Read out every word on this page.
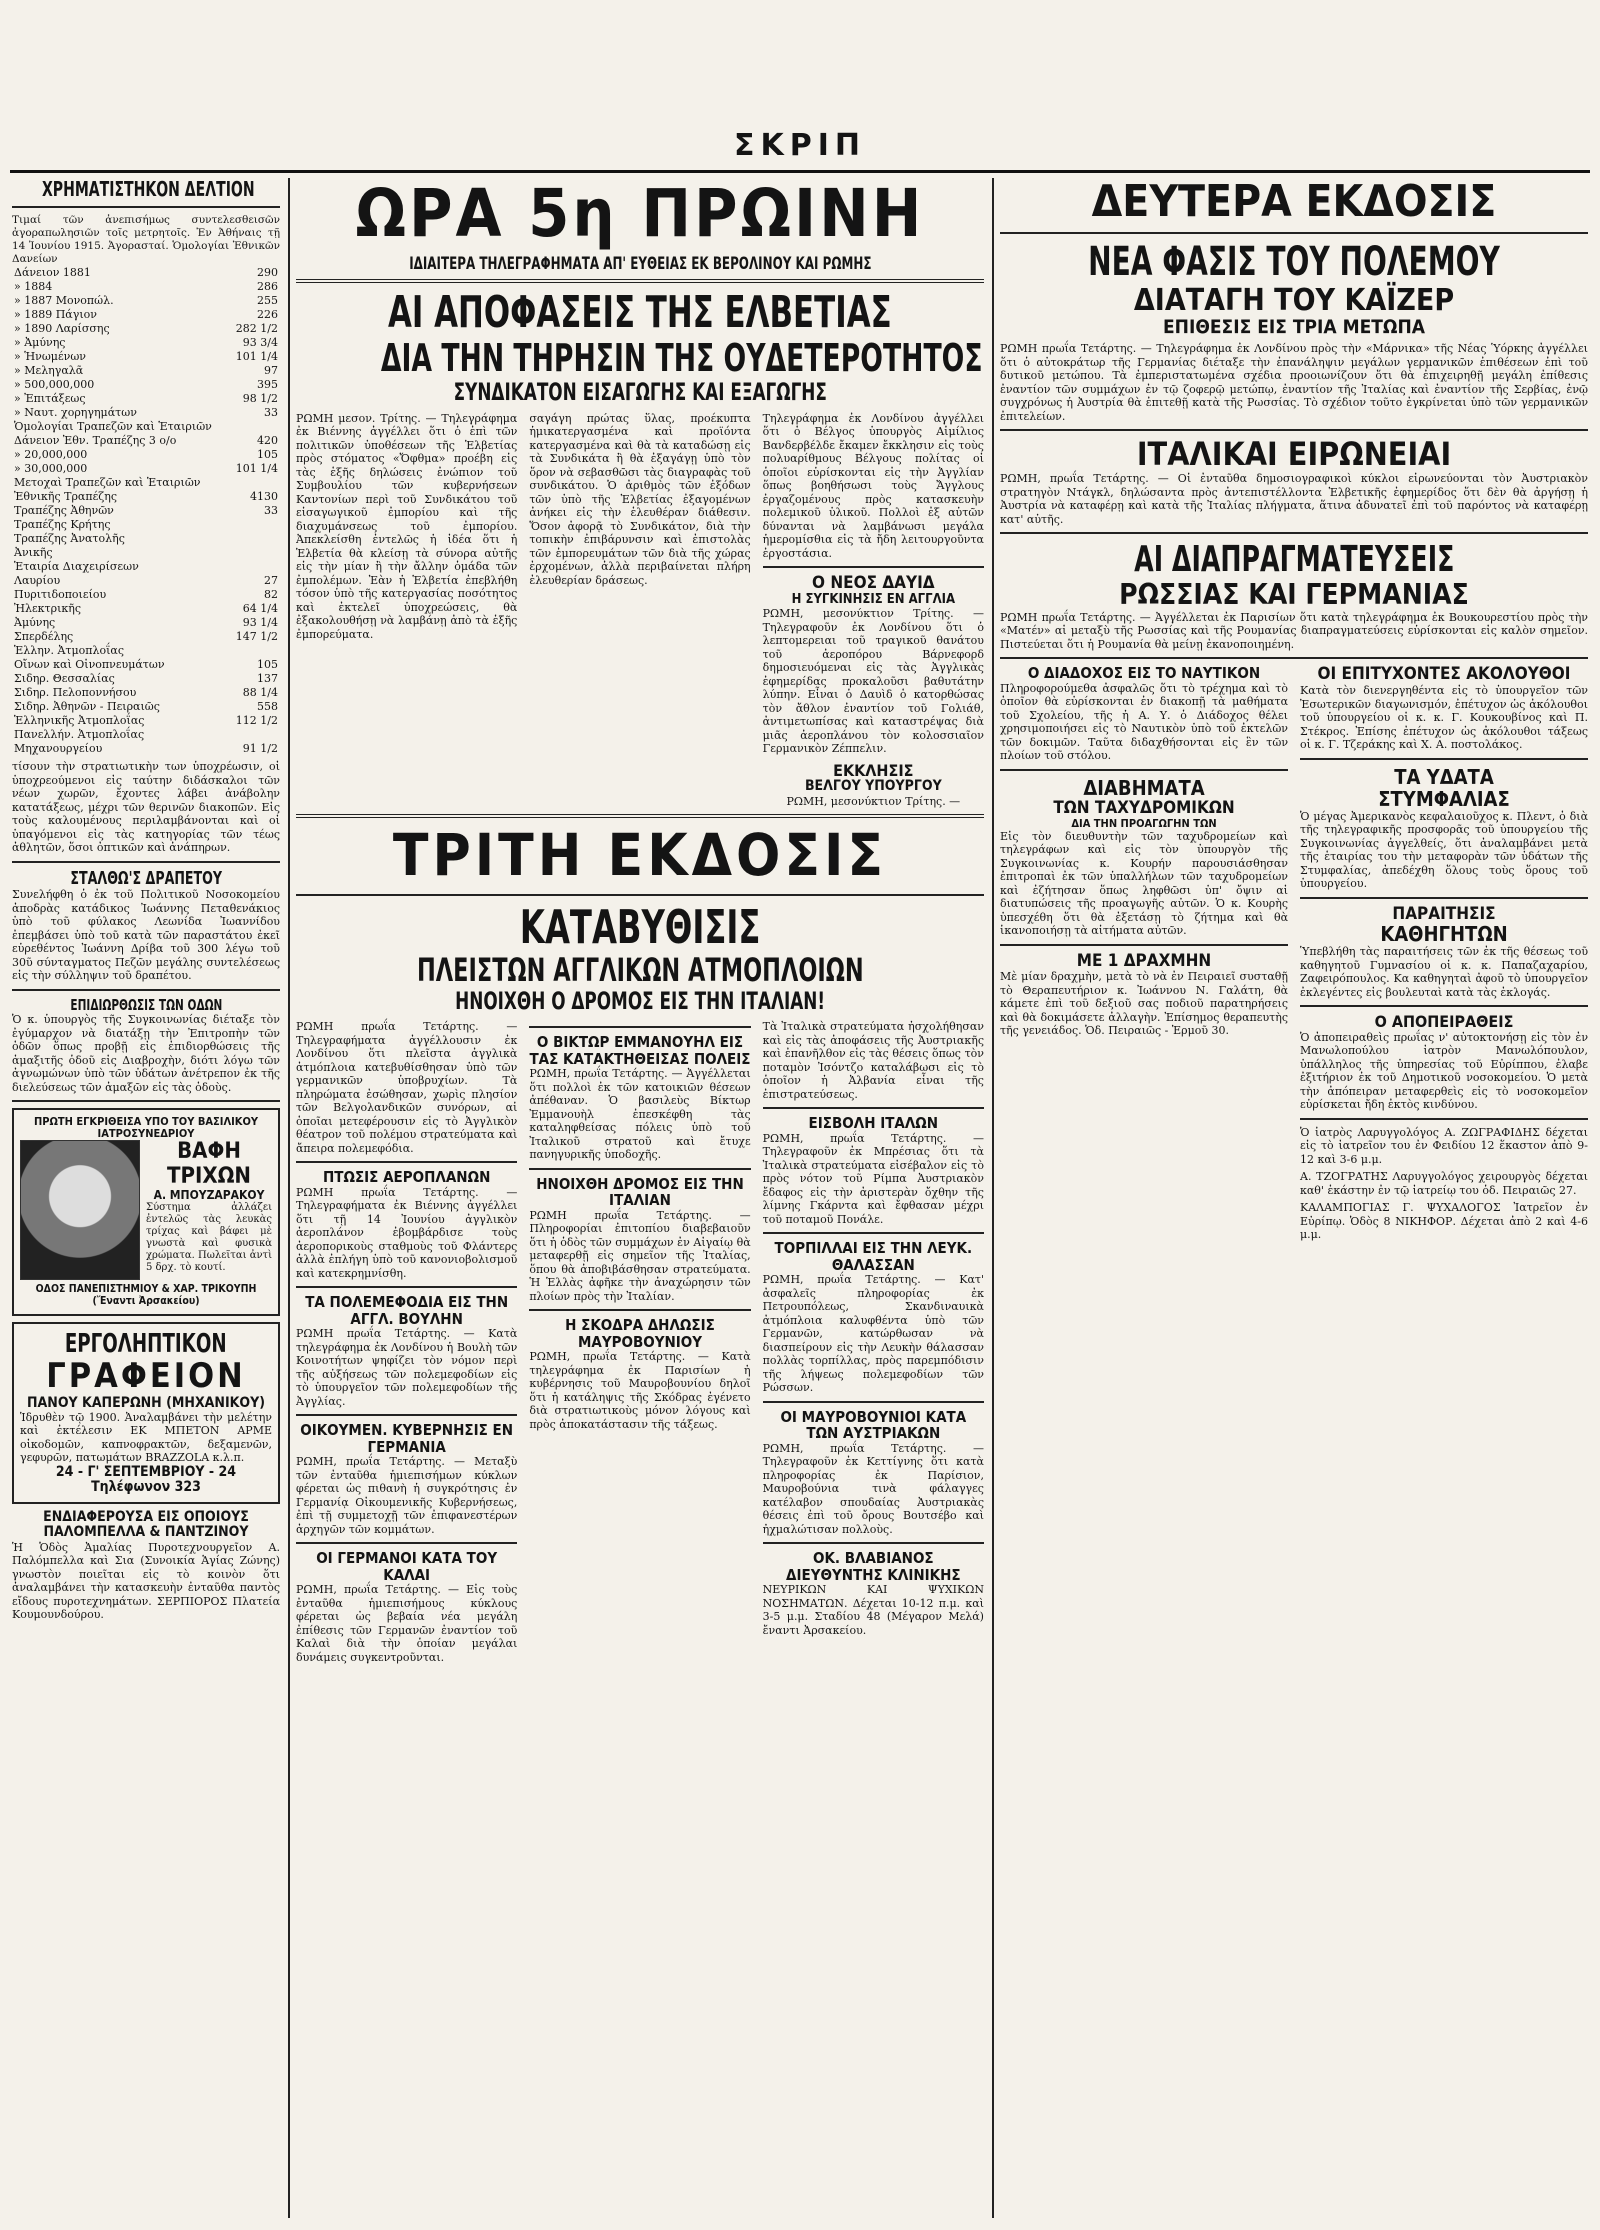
ΣΚΡΙΠ
ΧΡΗΜΑΤΙΣΤΗΚΟΝ ΔΕΛΤΙΟΝ

Τιμαί τῶν ἀνεπισήμως συντελεσθεισῶν ἀγοραπωλησιῶν τοῖς μετρητοῖς. Ἐν Ἀθήναις τῇ 14 Ἰουνίου 1915. Ἀγορασταί. Ὁμολογίαι Ἐθνικῶν Δανείων

Δάνειον 1881	290
» 1884	286
» 1887 Μονοπώλ.	255
» 1889 Πάγιον	226
» 1890 Λαρίσσης	282 1/2
» Ἀμύνης	93 3/4
» Ἡνωμένων	101 1/4
» Μεληγαλᾶ	97
» 500,000,000	395
» Ἐπιτάξεως	98 1/2
» Ναυτ. χορηγημάτων	33
Ὁμολογίαι Τραπεζῶν καὶ Ἑταιριῶν	
Δάνειον Ἐθν. Τραπέζης 3 ο/ο	420
» 20,000,000	105
» 30,000,000	101 1/4
Μετοχαὶ Τραπεζῶν καὶ Ἑταιριῶν	
Ἐθνικῆς Τραπέζης	4130
Τραπέζης Ἀθηνῶν	33
Τραπέζης Κρήτης	
Τραπέζης Ἀνατολῆς	
Ἀνικῆς	
Ἑταιρία Διαχειρίσεων	
Λαυρίου	27
Πυριτιδοποιείου	82
Ἠλεκτρικῆς	64 1/4
Ἀμύνης	93 1/4
Σπερδέλης	147 1/2
Ἑλλην. Ἀτμοπλοΐας	
Οἴνων καὶ Οἰνοπνευμάτων	105
Σιδηρ. Θεσσαλίας	137
Σιδηρ. Πελοποννήσου	88 1/4
Σιδηρ. Ἀθηνῶν - Πειραιῶς	558
Ἑλληνικῆς Ἀτμοπλοΐας	112 1/2
Πανελλήν. Ἀτμοπλοΐας	
Μηχανουργείου	91 1/2

τίσουν τὴν στρατιωτικὴν των ὑποχρέωσιν, οἱ ὑποχρεούμενοι εἰς ταύτην διδάσκαλοι τῶν νέων χωρῶν, ἔχοντες λάβει ἀνάβολην κατατάξεως, μέχρι τῶν θερινῶν διακοπῶν. Εἰς τοὺς καλουμένους περιλαμβάνονται καὶ οἱ ὑπαγόμενοι εἰς τὰς κατηγορίας τῶν τέως ἀθλητῶν, ὅσοι ὀπτικῶν καὶ ἀνάπηρων.

ΣΤΑΛΘΩ'Σ ΔΡΑΠΕΤΟΥ

Συνελήφθη ὁ ἐκ τοῦ Πολιτικοῦ Νοσοκομείου ἀποδρὰς κατάδικος Ἰωάννης Πεταθενάκιος ὑπὸ τοῦ φύλακος Λεωνίδα Ἰωαννίδου ἐπεμβάσει ὑπὸ τοῦ κατὰ τῶν παραστάτου ἐκεῖ εὑρεθέντος Ἰωάννη Δρίβα τοῦ 300 λέγω τοῦ 30ῦ σύνταγματος Πεζῶν μεγάλης συντελέσεως εἰς τὴν σύλληψιν τοῦ δραπέτου.

ΕΠΙΔΙΩΡΘΩΣΙΣ ΤΩΝ ΟΔΩΝ

Ὁ κ. ὑπουργὸς τῆς Συγκοινωνίας διέταξε τὸν ἐγύμαρχον νὰ διατάξῃ τὴν Ἐπιτροπὴν τῶν ὁδῶν ὅπως προβῇ εἰς ἐπιδιορθώσεις τῆς ἁμαξιτῆς ὁδοῦ εἰς Διαβροχὴν, διότι λόγω τῶν ἀγνωμώνων ὑπὸ τῶν ὑδάτων ἀνέτρεπον ἐκ τῆς διελεύσεως τῶν ἀμαξῶν εἰς τὰς ὁδοὺς.

ΠΡΩΤΗ ΕΓΚΡΙΘΕΙΣΑ ΥΠΟ ΤΟΥ ΒΑΣΙΛΙΚΟΥ ΙΑΤΡΟΣΥΝΕΔΡΙΟΥ
ΒΑΦΗ ΤΡΙΧΩΝ
Α. ΜΠΟΥΖΑΡΑΚΟΥ

Σύστημα ἀλλάζει ἐντελῶς τὰς λευκὰς τρίχας καὶ βάφει μὲ γνωστὰ καὶ φυσικὰ χρώματα. Πωλεῖται ἀντὶ 5 δρχ. τὸ κουτί.

ΟΔΟΣ ΠΑΝΕΠΙΣΤΗΜΙΟΥ & ΧΑΡ. ΤΡΙΚΟΥΠΗ (Ἔναντι Ἀρσακείου)
ΕΡΓΟΛΗΠΤΙΚΟΝ
ΓΡΑΦΕΙΟΝ
ΠΑΝΟΥ ΚΑΠΕΡΩΝΗ (ΜΗΧΑΝΙΚΟΥ)

Ἱδρυθὲν τῷ 1900. Ἀναλαμβάνει τὴν μελέτην καὶ ἐκτέλεσιν ΕΚ ΜΠΕΤΟΝ ΑΡΜΕ οἰκοδομῶν, καπνοφρακτῶν, δεξαμενῶν, γεφυρῶν, πατωμάτων BRAZZOLA κ.λ.π.

24 - Γ' ΣΕΠΤΕΜΒΡΙΟΥ - 24
Τηλέφωνον 323
ΕΝΔΙΑΦΕΡΟΥΣΑ ΕΙΣ ΟΠΟΙΟΥΣ ΠΑΛΟΜΠΕΛΛΑ & ΠΑΝΤΖΙΝΟΥ

Ἡ Ὁδὸς Ἀμαλίας Πυροτεχνουργεῖον Α. Παλόμπελλα καὶ Σια (Συνοικία Ἁγίας Ζώνης) γνωστὸν ποιεῖται εἰς τὸ κοινὸν ὅτι ἀναλαμβάνει τὴν κατασκευὴν ἐνταῦθα παντὸς εἴδους πυροτεχνημάτων. ΣΕΡΠΙΟΡΟΣ Πλατεία Κουμουνδούρου.

ΩΡΑ 5η ΠΡΩΙΝΗ
ΙΔΙΑΙΤΕΡΑ ΤΗΛΕΓΡΑΦΗΜΑΤΑ ΑΠ' ΕΥΘΕΙΑΣ ΕΚ ΒΕΡΟΛΙΝΟΥ ΚΑΙ ΡΩΜΗΣ
ΑΙ ΑΠΟΦΑΣΕΙΣ ΤΗΣ ΕΛΒΕΤΙΑΣ
ΔΙΑ ΤΗΝ ΤΗΡΗΣΙΝ ΤΗΣ ΟΥΔΕΤΕΡΟΤΗΤΟΣ
ΣΥΝΔΙΚΑΤΟΝ ΕΙΣΑΓΩΓΗΣ ΚΑΙ ΕΞΑΓΩΓΗΣ

ΡΩΜΗ μεσον. Τρίτης. — Τηλεγράφημα ἐκ Βιέννης ἀγγέλλει ὅτι ὁ ἐπὶ τῶν πολιτικῶν ὑποθέσεων τῆς Ἑλβετίας πρὸς στόματος «Ὄφθμα» προέβη εἰς τὰς ἑξῆς δηλώσεις ἐνώπιον τοῦ Συμβουλίου τῶν κυβερνήσεων Καντονίων περὶ τοῦ Συνδικάτου τοῦ εἰσαγωγικοῦ ἐμπορίου καὶ τῆς διαχυμάνσεως τοῦ ἐμπορίου. Ἀπεκλείσθη ἐντελῶς ἡ ἰδέα ὅτι ἡ Ἑλβετία θὰ κλείσῃ τὰ σύνορα αὐτῆς εἰς τὴν μίαν ἢ τὴν ἄλλην ὁμάδα τῶν ἐμπολέμων. Ἐὰν ἡ Ἑλβετία ἐπεβλήθη τόσον ὑπὸ τῆς κατεργασίας ποσότητος καὶ ἐκτελεῖ ὑποχρεώσεις, θὰ ἐξακολουθήσῃ νὰ λαμβάνῃ ἀπὸ τὰ ἑξῆς ἐμπορεύματα.

σαγάγη πρώτας ὕλας, προέκυπτα ἡμικατεργασμένα καὶ προϊόντα κατεργασμένα καὶ θὰ τὰ καταδώσῃ εἰς τὰ Συνδικάτα ἢ θὰ ἐξαγάγῃ ὑπὸ τὸν ὅρον νὰ σεβασθῶσι τὰς διαγραφὰς τοῦ συνδικάτου. Ὁ ἀριθμὸς τῶν ἐξόδων τῶν ὑπὸ τῆς Ἑλβετίας ἐξαγομένων ἀνήκει εἰς τὴν ἑλευθέραν διάθεσιν. Ὅσον ἀφορᾷ τὸ Συνδικάτον, διὰ τὴν τοπικὴν ἐπιβάρυνσιν καὶ ἐπιστολὰς τῶν ἐμπορευμάτων τῶν διὰ τῆς χώρας ἐρχομένων, ἀλλὰ περιβαίνεται πλήρη ἐλευθερίαν δράσεως.

Τηλεγράφημα ἐκ Λονδίνου ἀγγέλλει ὅτι ὁ Βέλγος ὑπουργὸς Αἰμίλιος Βανδερβέλδε ἔκαμεν ἔκκλησιν εἰς τοὺς πολυαρίθμους Βέλγους πολίτας οἱ ὁποῖοι εὑρίσκονται εἰς τὴν Ἀγγλίαν ὅπως βοηθήσωσι τοὺς Ἄγγλους ἐργαζομένους πρὸς κατασκευὴν πολεμικοῦ ὑλικοῦ. Πολλοὶ ἐξ αὐτῶν δύνανται νὰ λαμβάνωσι μεγάλα ἡμερομίσθια εἰς τὰ ἤδη λειτουργοῦντα ἐργοστάσια.

Ο ΝΕΟΣ ΔΑΥΙΔ
Η ΣΥΓΚΙΝΗΣΙΣ ΕΝ ΑΓΓΛΙΑ

ΡΩΜΗ, μεσονύκτιον Τρίτης. — Τηλεγραφοῦν ἐκ Λονδίνου ὅτι ὁ λεπτομερειαι τοῦ τραγικοῦ θανάτου τοῦ ἀεροπόρου Βάρνεφορδ δημοσιευόμεναι εἰς τὰς Ἀγγλικὰς ἐφημερίδας προκαλοῦσι βαθυτάτην λύπην. Εἶναι ὁ Δαυὶδ ὁ κατορθώσας τὸν ἄθλον ἐναντίον τοῦ Γολιάθ, ἀντιμετωπίσας καὶ καταστρέψας διὰ μιᾶς ἀεροπλάνου τὸν κολοσσιαῖον Γερμανικὸν Ζέππελιν.

ΕΚΚΛΗΣΙΣ
ΒΕΛΓΟΥ ΥΠΟΥΡΓΟΥ

ΡΩΜΗ, μεσονύκτιον Τρίτης. —

ΤΡΙΤΗ ΕΚΔΟΣΙΣ
ΚΑΤΑΒΥΘΙΣΙΣ
ΠΛΕΙΣΤΩΝ ΑΓΓΛΙΚΩΝ ΑΤΜΟΠΛΟΙΩΝ
ΗΝΟΙΧΘΗ Ο ΔΡΟΜΟΣ ΕΙΣ ΤΗΝ ΙΤΑΛΙΑΝ!

ΡΩΜΗ πρωΐα Τετάρτης. — Τηλεγραφήματα ἀγγέλλουσιν ἐκ Λονδίνου ὅτι πλεῖστα ἀγγλικὰ ἀτμόπλοια κατεβυθίσθησαν ὑπὸ τῶν γερμανικῶν ὑποβρυχίων. Τὰ πληρώματα ἐσώθησαν, χωρὶς πλησίον τῶν Βελγολανδικῶν συνόρων, αἱ ὁποῖαι μετεφέρουσιν εἰς τὸ Ἀγγλικὸν θέατρον τοῦ πολέμου στρατεύματα καὶ ἄπειρα πολεμεφόδια.

ΠΤΩΣΙΣ ΑΕΡΟΠΛΑΝΩΝ

ΡΩΜΗ πρωΐα Τετάρτης. — Τηλεγραφήματα ἐκ Βιέννης ἀγγέλλει ὅτι τῇ 14 Ἰουνίου ἀγγλικὸν ἀεροπλάνον ἐβομβάρδισε τοὺς ἀεροπορικοὺς σταθμοὺς τοῦ Φλάντερς ἀλλὰ ἐπλήγη ὑπὸ τοῦ κανονιοβολισμοῦ καὶ κατεκρημνίσθη.

ΤΑ ΠΟΛΕΜΕΦΟΔΙΑ ΕΙΣ ΤΗΝ ΑΓΓΛ. ΒΟΥΛΗΝ

ΡΩΜΗ πρωΐα Τετάρτης. — Κατὰ τηλεγράφημα ἐκ Λονδίνου ἡ Βουλὴ τῶν Κοινοτήτων ψηφίζει τὸν νόμον περὶ τῆς αὐξήσεως τῶν πολεμεφοδίων εἰς τὸ ὑπουργεῖον τῶν πολεμεφοδίων τῆς Ἀγγλίας.

ΟΙΚΟΥΜΕΝ. ΚΥΒΕΡΝΗΣΙΣ ΕΝ ΓΕΡΜΑΝΙΑ

ΡΩΜΗ, πρωΐα Τετάρτης. — Μεταξὺ τῶν ἐνταῦθα ἡμιεπισήμων κύκλων φέρεται ὡς πιθανὴ ἡ συγκρότησις ἐν Γερμανίᾳ Οἰκουμενικῆς Κυβερνήσεως, ἐπὶ τῇ συμμετοχῇ τῶν ἐπιφανεστέρων ἀρχηγῶν τῶν κομμάτων.

ΟΙ ΓΕΡΜΑΝΟΙ ΚΑΤΑ ΤΟΥ ΚΑΛΑΙ

ΡΩΜΗ, πρωΐα Τετάρτης. — Εἰς τοὺς ἐνταῦθα ἡμιεπισήμους κύκλους φέρεται ὡς βεβαία νέα μεγάλη ἐπίθεσις τῶν Γερμανῶν ἐναντίον τοῦ Καλαὶ διὰ τὴν ὁποίαν μεγάλαι δυνάμεις συγκεντροῦνται.

Ο ΒΙΚΤΩΡ ΕΜΜΑΝΟΥΗΛ ΕΙΣ ΤΑΣ ΚΑΤΑΚΤΗΘΕΙΣΑΣ ΠΟΛΕΙΣ

ΡΩΜΗ, πρωΐα Τετάρτης. — Ἀγγέλλεται ὅτι πολλοὶ ἐκ τῶν κατοικιῶν θέσεων ἀπέθαναν. Ὁ βασιλεὺς Βίκτωρ Ἐμμανουὴλ ἐπεσκέφθη τὰς καταληφθείσας πόλεις ὑπὸ τοῦ Ἰταλικοῦ στρατοῦ καὶ ἔτυχε πανηγυρικῆς ὑποδοχῆς.

ΗΝΟΙΧΘΗ ΔΡΟΜΟΣ ΕΙΣ ΤΗΝ ΙΤΑΛΙΑΝ

ΡΩΜΗ πρωΐα Τετάρτης. — Πληροφορίαι ἐπιτοπίου διαβεβαιοῦν ὅτι ἡ ὁδὸς τῶν συμμάχων ἐν Αἰγαίῳ θὰ μεταφερθῇ εἰς σημεῖον τῆς Ἰταλίας, ὅπου θὰ ἀποβιβάσθησαν στρατεύματα. Ἡ Ἑλλὰς ἀφῆκε τὴν ἀναχώρησιν τῶν πλοίων πρὸς τὴν Ἰταλίαν.

Η ΣΚΟΔΡΑ ΔΗΛΩΣΙΣ ΜΑΥΡΟΒΟΥΝΙΟΥ

ΡΩΜΗ, πρωΐα Τετάρτης. — Κατὰ τηλεγράφημα ἐκ Παρισίων ἡ κυβέρνησις τοῦ Μαυροβουνίου δηλοῖ ὅτι ἡ κατάληψις τῆς Σκόδρας ἐγένετο διὰ στρατιωτικοὺς μόνον λόγους καὶ πρὸς ἀποκατάστασιν τῆς τάξεως.

Τὰ Ἰταλικὰ στρατεύματα ἠσχολήθησαν καὶ εἰς τὰς ἀποφάσεις τῆς Ἀυστριακῆς καὶ ἐπανῆλθον εἰς τὰς θέσεις ὅπως τὸν ποταμὸν Ἰσόντζο καταλάβωσι εἰς τὸ ὁποῖον ἡ Ἀλβανία εἶναι τῆς ἐπιστρατεύσεως.

ΕΙΣΒΟΛΗ ΙΤΑΛΩΝ

ΡΩΜΗ, πρωΐα Τετάρτης. — Τηλεγραφοῦν ἐκ Μπρέσιας ὅτι τὰ Ἰταλικὰ στρατεύματα εἰσέβαλον εἰς τὸ πρὸς νότον τοῦ Ρίμπα Ἀυστριακὸν ἔδαφος εἰς τὴν ἀριστερὰν ὄχθην τῆς λίμνης Γκάρντα καὶ ἔφθασαν μέχρι τοῦ ποταμοῦ Πονάλε.

ΤΟΡΠΙΛΛΑΙ ΕΙΣ ΤΗΝ ΛΕΥΚ. ΘΑΛΑΣΣΑΝ

ΡΩΜΗ, πρωΐα Τετάρτης. — Κατ' ἀσφαλεῖς πληροφορίας ἐκ Πετρουπόλεως, Σκανδιναυικὰ ἀτμόπλοια καλυφθέντα ὑπὸ τῶν Γερμανῶν, κατώρθωσαν νὰ διασπείρουν εἰς τὴν Λευκὴν θάλασσαν πολλὰς τορπίλλας, πρὸς παρεμπόδισιν τῆς λήψεως πολεμεφοδίων τῶν Ρώσσων.

ΟΙ ΜΑΥΡΟΒΟΥΝΙΟΙ ΚΑΤΑ ΤΩΝ ΑΥΣΤΡΙΑΚΩΝ

ΡΩΜΗ, πρωΐα Τετάρτης. — Τηλεγραφοῦν ἐκ Κεττίγνης ὅτι κατὰ πληροφορίας ἐκ Παρίσιον, Μαυροβούνια τινὰ φάλαγγες κατέλαβον σπουδαίας Ἀυστριακὰς θέσεις ἐπὶ τοῦ ὄρους Βουτσέβο καὶ ἠχμαλώτισαν πολλοὺς.

ΟΚ. ΒΛΑΒΙΑΝΟΣ ΔΙΕΥΘΥΝΤΗΣ ΚΛΙΝΙΚΗΣ

ΝΕΥΡΙΚΩΝ ΚΑΙ ΨΥΧΙΚΩΝ ΝΟΣΗΜΑΤΩΝ. Δέχεται 10-12 π.μ. καὶ 3-5 μ.μ. Σταδίου 48 (Μέγαρον Μελά) ἔναντι Ἀρσακείου.

ΔΕΥΤΕΡΑ ΕΚΔΟΣΙΣ
ΝΕΑ ΦΑΣΙΣ ΤΟΥ ΠΟΛΕΜΟΥ
ΔΙΑΤΑΓΗ ΤΟΥ ΚΑΪΖΕΡ
ΕΠΙΘΕΣΙΣ ΕΙΣ ΤΡΙΑ ΜΕΤΩΠΑ

ΡΩΜΗ πρωΐα Τετάρτης. — Τηλεγράφημα ἐκ Λονδίνου πρὸς τὴν «Μάρνικα» τῆς Νέας Ὑόρκης ἀγγέλλει ὅτι ὁ αὐτοκράτωρ τῆς Γερμανίας διέταξε τὴν ἐπανάληψιν μεγάλων γερμανικῶν ἐπιθέσεων ἐπὶ τοῦ δυτικοῦ μετώπου. Τὰ ἐμπεριστατωμένα σχέδια προοιωνίζουν ὅτι θὰ ἐπιχειρηθῇ μεγάλη ἐπίθεσις ἐναντίον τῶν συμμάχων ἐν τῷ ζοφερῷ μετώπῳ, ἐναντίον τῆς Ἰταλίας καὶ ἐναντίον τῆς Σερβίας, ἐνῷ συγχρόνως ἡ Ἀυστρία θὰ ἐπιτεθῇ κατὰ τῆς Ρωσσίας. Τὸ σχέδιον τοῦτο ἐγκρίνεται ὑπὸ τῶν γερμανικῶν ἐπιτελείων.

ΙΤΑΛΙΚΑΙ ΕΙΡΩΝΕΙΑΙ

ΡΩΜΗ, πρωΐα Τετάρτης. — Οἱ ἐνταῦθα δημοσιογραφικοὶ κύκλοι εἰρωνεύονται τὸν Ἀυστριακὸν στρατηγὸν Ντάγκλ, δηλώσαντα πρὸς ἀντεπιστέλλοντα Ἑλβετικῆς ἐφημερίδος ὅτι δὲν θὰ ἀργήσῃ ἡ Ἀυστρία νὰ καταφέρῃ καὶ κατὰ τῆς Ἰταλίας πλήγματα, ἅτινα ἀδυνατεῖ ἐπὶ τοῦ παρόντος νὰ καταφέρῃ κατ' αὐτῆς.

ΑΙ ΔΙΑΠΡΑΓΜΑΤΕΥΣΕΙΣ
ΡΩΣΣΙΑΣ ΚΑΙ ΓΕΡΜΑΝΙΑΣ

ΡΩΜΗ πρωΐα Τετάρτης. — Ἀγγέλλεται ἐκ Παρισίων ὅτι κατὰ τηλεγράφημα ἐκ Βουκουρεστίου πρὸς τὴν «Ματέν» αἱ μεταξὺ τῆς Ρωσσίας καὶ τῆς Ρουμανίας διαπραγματεύσεις εὑρίσκονται εἰς καλὸν σημεῖον. Πιστεύεται ὅτι ἡ Ρουμανία θὰ μείνῃ ἐκανοποιημένη.

Ο ΔΙΑΔΟΧΟΣ ΕΙΣ ΤΟ ΝΑΥΤΙΚΟΝ

Πληροφορούμεθα ἀσφαλῶς ὅτι τὸ τρέχημα καὶ τὸ ὁποῖον θὰ εὑρίσκονται ἐν διακοπῇ τὰ μαθήματα τοῦ Σχολείου, τῆς ἡ Α. Υ. ὁ Διάδοχος θέλει χρησιμοποιήσει εἰς τὸ Ναυτικὸν ὑπὸ τοῦ ἐκτελῶν τῶν δοκιμῶν. Ταῦτα διδαχθήσονται εἰς ἓν τῶν πλοίων τοῦ στόλου.

ΔΙΑΒΗΜΑΤΑ
ΤΩΝ ΤΑΧΥΔΡΟΜΙΚΩΝ
ΔΙΑ ΤΗΝ ΠΡΟΑΓΩΓΗΝ ΤΩΝ

Εἰς τὸν διευθυντὴν τῶν ταχυδρομείων καὶ τηλεγράφων καὶ εἰς τὸν ὑπουργὸν τῆς Συγκοινωνίας κ. Κουρήν παρουσιάσθησαν ἐπιτροπαὶ ἐκ τῶν ὑπαλλήλων τῶν ταχυδρομείων καὶ ἐζήτησαν ὅπως ληφθῶσι ὑπ' ὄψιν αἱ διατυπώσεις τῆς προαγωγῆς αὐτῶν. Ὁ κ. Κουρὴς ὑπεσχέθη ὅτι θὰ ἐξετάσῃ τὸ ζήτημα καὶ θὰ ἱκανοποιήσῃ τὰ αἰτήματα αὐτῶν.

ΜΕ 1 ΔΡΑΧΜΗΝ

Μὲ μίαν δραχμὴν, μετὰ τὸ νὰ ἐν Πειραιεῖ συσταθῇ τὸ Θεραπευτήριον κ. Ἰωάννου Ν. Γαλάτη, θὰ κάμετε ἐπὶ τοῦ δεξιοῦ σας ποδιοῦ παρατηρήσεις καὶ θὰ δοκιμάσετε ἀλλαγὴν. Ἐπίσημος θεραπευτὴς τῆς γενειάδος. Ὁδ. Πειραιῶς - Ἑρμοῦ 30.

ΟΙ ΕΠΙΤΥΧΟΝΤΕΣ ΑΚΟΛΟΥΘΟΙ

Κατὰ τὸν διενεργηθέντα εἰς τὸ ὑπουργεῖον τῶν Ἐσωτερικῶν διαγωνισμόν, ἐπέτυχον ὡς ἀκόλουθοι τοῦ ὑπουργείου οἱ κ. κ. Γ. Κουκουβίνος καὶ Π. Στέκρος. Ἐπίσης ἐπέτυχον ὡς ἀκόλουθοι τάξεως οἱ κ. Γ. Τζεράκης καὶ Χ. Α. ποστολάκος.

ΤΑ ΥΔΑΤΑ
ΣΤΥΜΦΑΛΙΑΣ

Ὁ μέγας Ἀμερικανὸς κεφαλαιοῦχος κ. Πλεντ, ὁ διὰ τῆς τηλεγραφικῆς προσφορᾶς τοῦ ὑπουργείου τῆς Συγκοινωνίας ἀγγελθείς, ὅτι ἀναλαμβάνει μετὰ τῆς ἑταιρίας του τὴν μεταφορὰν τῶν ὑδάτων τῆς Στυμφαλίας, ἀπεδέχθη ὅλους τοὺς ὅρους τοῦ ὑπουργείου.

ΠΑΡΑΙΤΗΣΙΣ
ΚΑΘΗΓΗΤΩΝ

Ὑπεβλήθη τὰς παραιτήσεις τῶν ἐκ τῆς θέσεως τοῦ καθηγητοῦ Γυμνασίου οἱ κ. κ. Παπαζαχαρίου, Ζαφειρόπουλος. Κα καθηγηταὶ ἀφοῦ τὸ ὑπουργεῖον ἐκλεγέντες εἰς βουλευταὶ κατὰ τὰς ἐκλογάς.

Ο ΑΠΟΠΕΙΡΑΘΕΙΣ

Ὁ ἀποπειραθεὶς πρωΐας ν' αὐτοκτονήσῃ εἰς τὸν ἐν Μανωλοπούλου ἰατρὸν Μανωλόπουλον, ὑπάλληλος τῆς ὑπηρεσίας τοῦ Εὐρίππου, ἐλαβε ἐξιτήριον ἐκ τοῦ Δημοτικοῦ νοσοκομείου. Ὁ μετὰ τὴν ἀπόπειραν μεταφερθεὶς εἰς τὸ νοσοκομεῖον εὑρίσκεται ἤδη ἐκτὸς κινδύνου.

Ὁ ἰατρὸς Λαρυγγολόγος Α. ΖΩΓΡΑΦΙΔΗΣ δέχεται εἰς τὸ ἰατρεῖον του ἐν Φειδίου 12 ἕκαστον ἀπὸ 9-12 καὶ 3-6 μ.μ.

Α. ΤΖΟΓΡΑΤΗΣ Λαρυγγολόγος χειρουργὸς δέχεται καθ' ἑκάστην ἐν τῷ ἰατρείῳ του ὁδ. Πειραιῶς 27.

ΚΑΛΑΜΠΟΓΙΑΣ Γ. ΨΥΧΑΛΟΓΟΣ Ἰατρεῖον ἐν Εὐρίπῳ. Ὁδὸς 8 ΝΙΚΗΦΟΡ. Δέχεται ἀπὸ 2 καὶ 4-6 μ.μ.
